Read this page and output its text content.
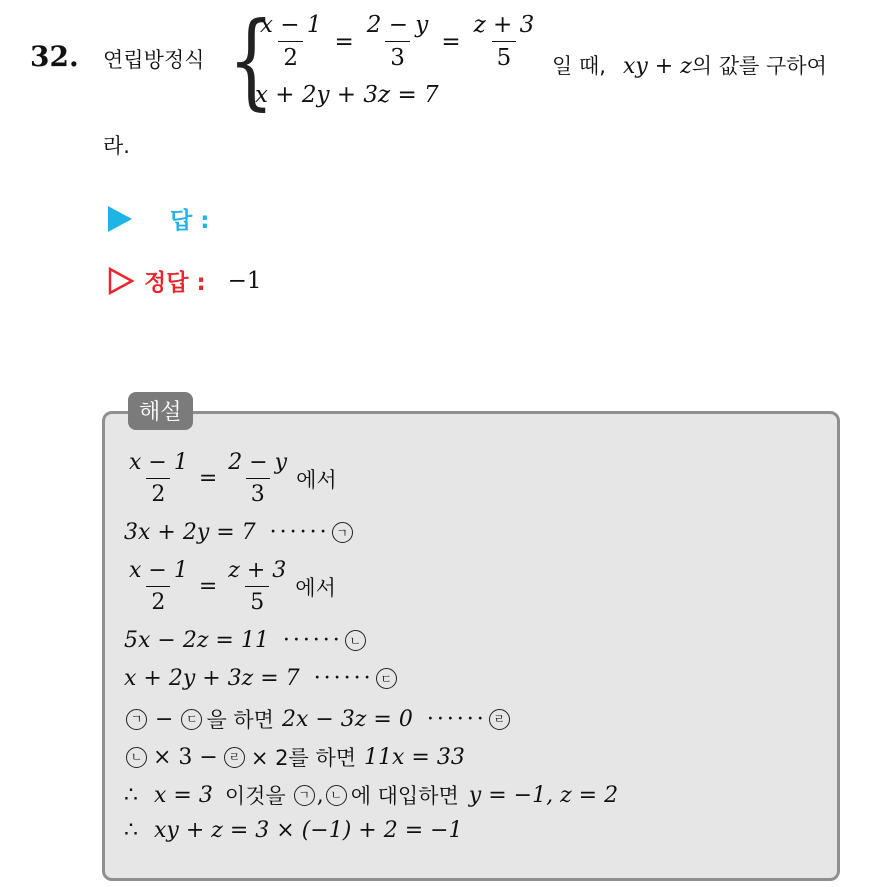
32. 연립방정식 {
$\frac{x - 1}{2} = \frac{2 - y}{3} = \frac{z + 3}{5}$
x + 2y + 3z = 7
일 때, xy + z의 값를 구하여
라.
답 :
정답 : −1
해설
$\frac{x - 1}{2} = \frac{2 - y}{3}$ 에서
3x + 2y = 7 ······ ㄱ
$\frac{x - 1}{2} = \frac{z + 3}{5}$ 에서
5x − 2z = 11 ······ ㄴ
x + 2y + 3z = 7 ······ ㄷ
ㄱ −	ㄷ 을 하면 2x − 3z = 0 ······ ㄹ
ㄴ × 3 − ㄹ × 2를 하면 11x = 33
∴ x = 3 이것을	ㄱ , ㄴ 에 대입하면 y = −1, z = 2
∴ xy + z = 3 × (−1) + 2 = −1
